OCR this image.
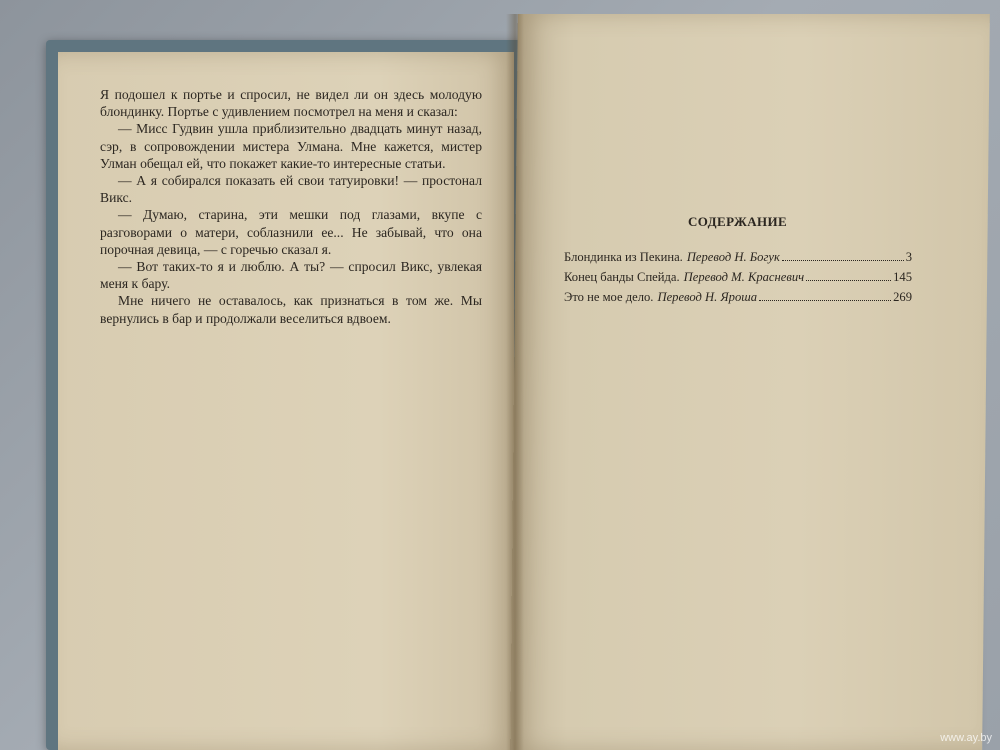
Я подошел к портье и спросил, не видел ли он здесь молодую блондинку. Портье с удивлением посмотрел на меня и сказал:

— Мисс Гудвин ушла приблизительно двадцать минут назад, сэр, в сопровождении мистера Улмана. Мне кажется, мистер Улман обещал ей, что покажет какие-то интересные статьи.

— А я собирался показать ей свои татуировки! — простонал Викс.

— Думаю, старина, эти мешки под глазами, вкупе с разговорами о матери, соблазнили ее... Не забывай, что она порочная девица, — с горечью сказал я.

— Вот таких-то я и люблю. А ты? — спросил Викс, увлекая меня к бару.

Мне ничего не оставалось, как признаться в том же. Мы вернулись в бар и продолжали веселиться вдвоем.

СОДЕРЖАНИЕ
Блондинка из Пекина. Перевод Н. Богук	3
Конец банды Спейда. Перевод М. Красневич	145
Это не мое дело. Перевод Н. Яроша	269
www.ay.by
